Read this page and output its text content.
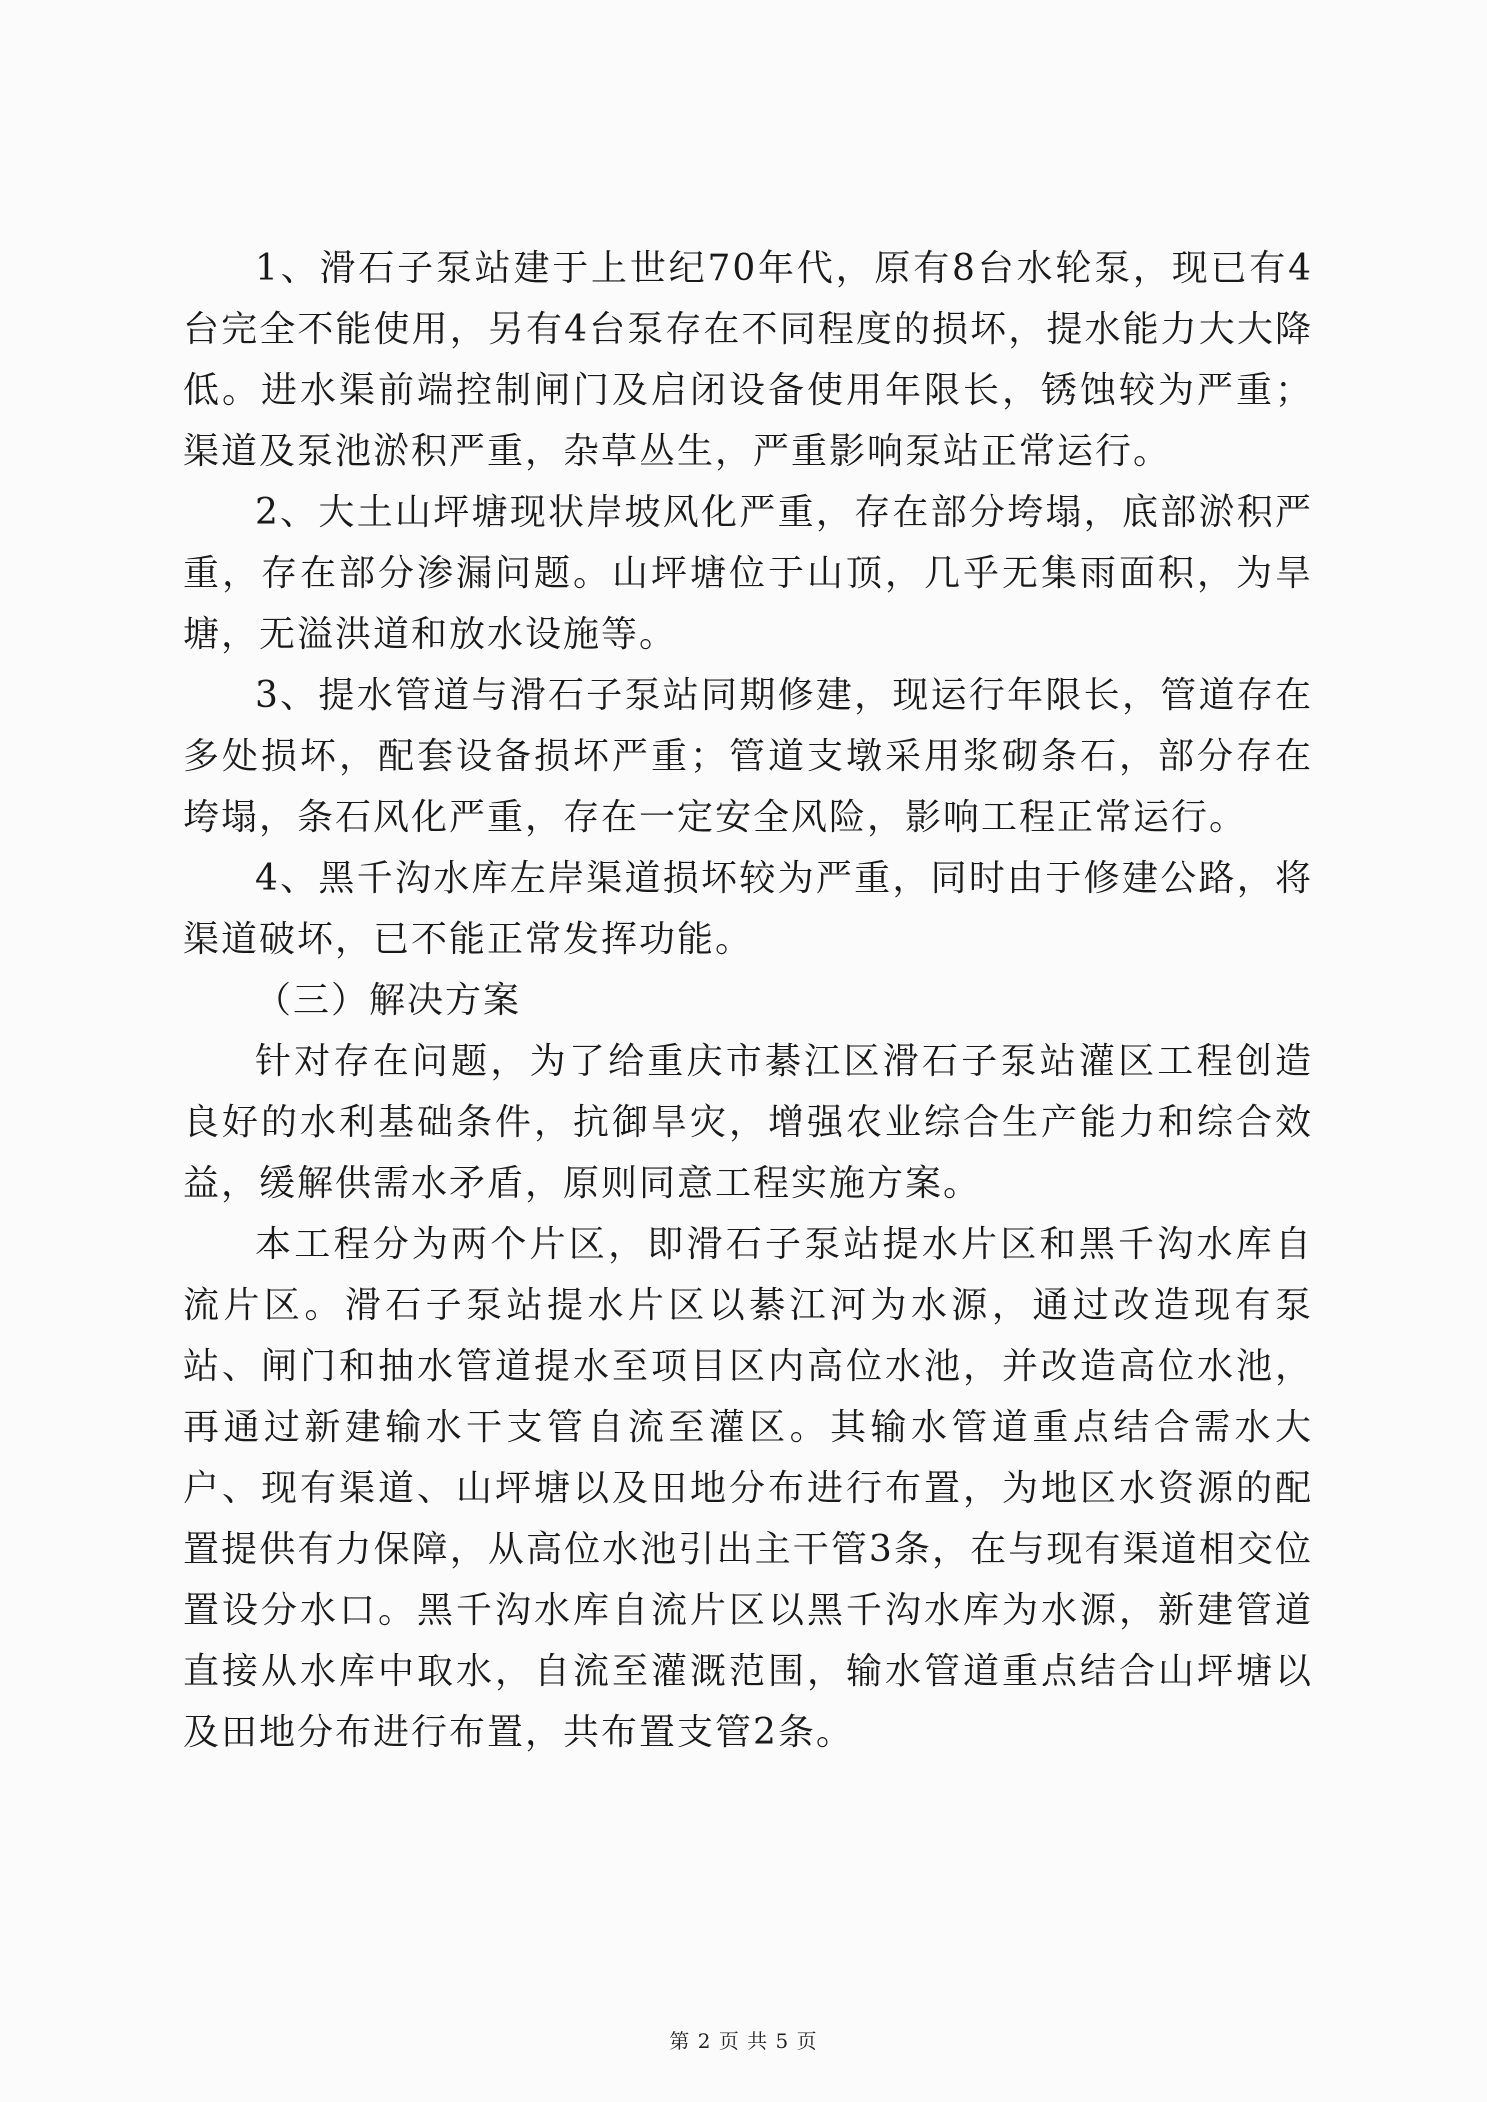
1、滑石子泵站建于上世纪70年代，原有8台水轮泵，现已有4台完全不能使用，另有4台泵存在不同程度的损坏，提水能力大大降低。进水渠前端控制闸门及启闭设备使用年限长，锈蚀较为严重；渠道及泵池淤积严重，杂草丛生，严重影响泵站正常运行。

2、大土山坪塘现状岸坡风化严重，存在部分垮塌，底部淤积严重，存在部分渗漏问题。山坪塘位于山顶，几乎无集雨面积，为旱塘，无溢洪道和放水设施等。

3、提水管道与滑石子泵站同期修建，现运行年限长，管道存在多处损坏，配套设备损坏严重；管道支墩采用浆砌条石，部分存在垮塌，条石风化严重，存在一定安全风险，影响工程正常运行。

4、黑千沟水库左岸渠道损坏较为严重，同时由于修建公路，将渠道破坏，已不能正常发挥功能。

（三）解决方案

针对存在问题，为了给重庆市綦江区滑石子泵站灌区工程创造良好的水利基础条件，抗御旱灾，增强农业综合生产能力和综合效益，缓解供需水矛盾，原则同意工程实施方案。

本工程分为两个片区，即滑石子泵站提水片区和黑千沟水库自流片区。滑石子泵站提水片区以綦江河为水源，通过改造现有泵站、闸门和抽水管道提水至项目区内高位水池，并改造高位水池，再通过新建输水干支管自流至灌区。其输水管道重点结合需水大户、现有渠道、山坪塘以及田地分布进行布置，为地区水资源的配置提供有力保障，从高位水池引出主干管3条，在与现有渠道相交位置设分水口。黑千沟水库自流片区以黑千沟水库为水源，新建管道直接从水库中取水，自流至灌溉范围，输水管道重点结合山坪塘以及田地分布进行布置，共布置支管2条。

第 2 页 共 5 页
